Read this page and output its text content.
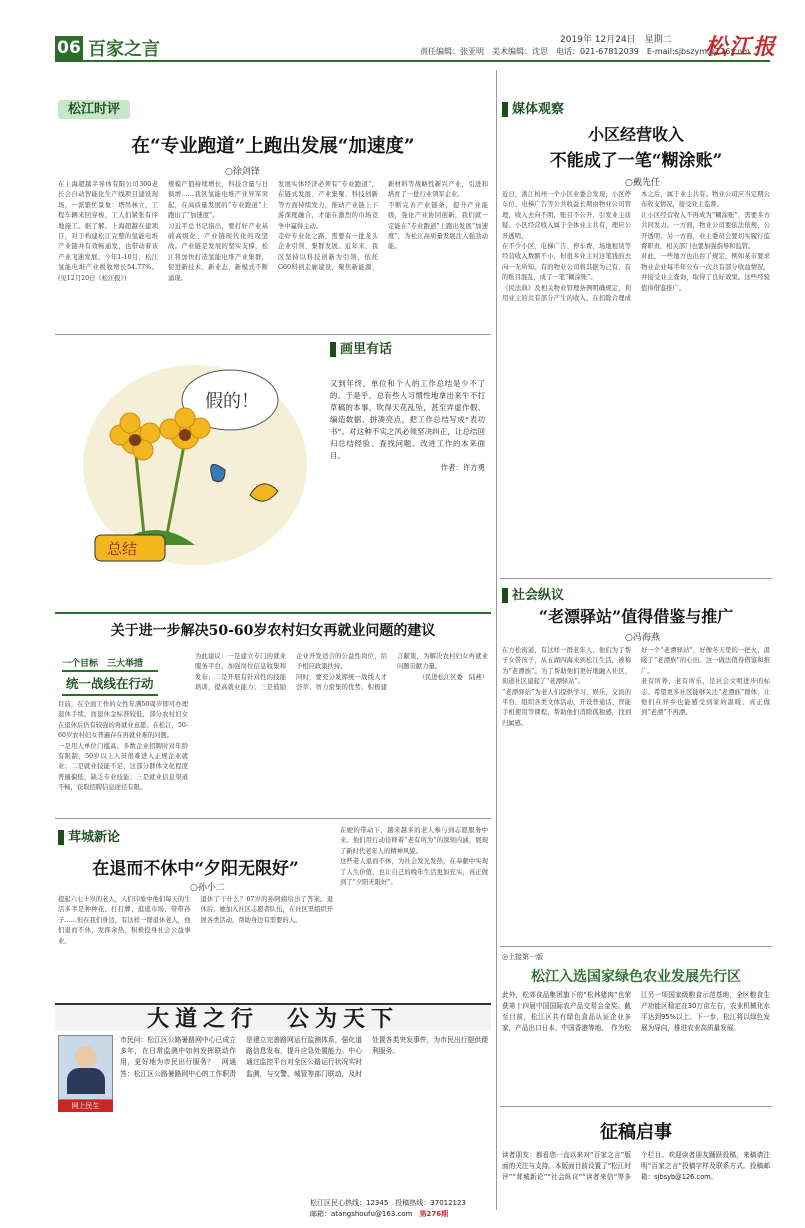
06 百家之言	2019年 12月24日　星期二
责任编辑：张亚明　美术编辑：沈思　电话：021-67812039　E-mail:sjbszym@126.com
松江报
松江时评
在“专业跑道”上跑出发展“加速度”
○徐剑锋

在上海超越半导体有限公司300老长会自动智能化生产线项目建设现场，一派繁忙景象：塔吊林立，工程车辆来回穿梭，工人们紧张有序地施工。据了解，上海超越在建项目，对于构建松江完整的氢能电堆产业链并有效畅通发，也带动着该产业飞速发展。今年1-10月，松江氢能电堆产业税收增长54.77%。(见12月20日《松江报》)

规模产值持续增长，科技含量与日俱增……我区氢能电堆产业异军突起，在高质量发展的“专业跑道”上跑出了“加速度”。

习近平总书记指出，要打好产业基础高级化、产业链现代化的攻坚战。产业链是发展的坚实支撑，松江将加快打造氢能电堆产业集群，促进新技术、新业态、新模式不断涌现。

发展实体经济必须有“专业跑道”，在链式发展、产业集聚、科技创新等方面持续发力，推动产业链上下游深度融合，才能在激烈的市场竞争中赢得主动。

走好专业化之路，需要有一批龙头企业引领、集群发展。近年来，我区坚持以科技创新为引领，依托G60科创走廊建设，聚焦新能源、新材料等战略性新兴产业，引进和培育了一批行业领军企业。

不断完善产业链条，提升产业能级，强化产业协同创新，我们就一定能在“专业跑道”上跑出发展“加速度”，为松江高质量发展注入强劲动能。

假的！
总结
画里有话

又到年终，单位和个人的工作总结是少不了的。于是乎，总有些人习惯性地拿出来牛不打草稿的本事，吹得天花乱坠，甚至弄虚作假、编造数据、拼凑亮点，把工作总结写成“表功书”。对这种不实之风必须坚决纠正，让总结回归总结经验、查找问题、改进工作的本来面目。

作者：许方勇

关于进一步解决50-60岁农村妇女再就业问题的建议
一个目标　三大举措
统一战线在行动

目前，在全面工作的女性年满50周岁即可办理退休手续，而退休金标准较低，部分农村妇女在退休后仍有较强的再就业意愿。在松江，50-60岁农村妇女普遍存在再就业难的问题。

一是用人单位门槛高。多数企业招聘时对年龄有限制，50岁以上人员很难进入正规企业就业；二是就业技能不足，这部分群体文化程度普遍偏低，缺乏专业技能；三是就业信息渠道不畅，获取招聘信息途径有限。

为此建议：一是建立专门的就业服务平台，加强岗位信息收集和发布；二是开展有针对性的技能培训，提高就业能力；三是鼓励企业开发适合的公益性岗位，给予相应政策扶持。

同时，要充分发挥统一战线人才荟萃、智力密集的优势，积极建言献策，为解决农村妇女再就业问题贡献力量。

（民进松江区委　陆燕）

茸城新论
在退而不休中“夕阳无限好”
○孙小二

提起六七十岁的老人，人们印象中他们每天的生活多半是种种花、打打牌、逛逛市场、带带孙子……但在我们身边，有这样一群退休老人，他们退而不休，发挥余热，积极投身社会公益事业。

退休了干什么？67岁的孙阿姨给出了答案。退休后，她加入社区志愿者队伍，在社区里组织开展各类活动，帮助身边有需要的人。

在她的带动下，越来越多的老人参与到志愿服务中来。他们用行动诠释着“老有所为”的深刻内涵，展现了新时代老年人的精神风貌。

这些老人退而不休，为社会发光发热，在奉献中实现了人生价值，也让自己的晚年生活更加充实，真正做到了“夕阳无限好”。

大道之行　公为天下
网上民生

市民问：松江区公路暑路网中心已成立多年，在日常监测中如何发挥联动作用，更好地为市民出行服务？　网通答：松江区公路暑路网中心的工作职责是建立完善路网运行监测体系，强化道路信息发布，提升应急处置能力。中心通过监控平台对全区公路运行状况实时监测，与交警、城管等部门联动，及时处置各类突发事件，为市民出行提供便利服务。

松江区民心热线：12345　 投稿热线：37012123
邮箱：atangshoufu@163.com　 第276期
媒体观察
小区经营收入
不能成了一笔“糊涂账”
○戴先任

近日，浙江杭州一个小区业委会发现，小区停车位、电梯广告等公共收益长期由物业公司管理，收入去向不明，账目不公开，引发业主质疑。小区经营收入属于全体业主共有，理应公开透明。

在不少小区，电梯广告、停车费、场地租赁等经营收入数额不小，但很多业主对这笔钱的去向一无所知。有的物业公司将其据为己有，有的账目混乱，成了一笔“糊涂账”。

《民法典》及相关物业管理条例明确规定，利用业主的共有部分产生的收入，在扣除合理成本之后，属于业主共有。物业公司应当定期公布收支情况，接受业主监督。

让小区经营收入不再成为“糊涂账”，需要多方共同发力。一方面，物业公司要依法依规、公开透明；另一方面，业主委员会要切实履行监督职责，相关部门也要加强指导和监管。

对此，一些地方也出台了规定，例如某市要求物业企业每半年公布一次共有部分收益情况，并接受业主查询，取得了良好效果。这些经验值得借鉴推广。

社会纵议
“老漂驿站”值得借鉴与推广
○冯海燕

在方松街道，有这样一群老年人，他们为了帮子女带孩子，从五湖四海来到松江生活，被称为“老漂族”。为了帮助他们更好地融入社区，街道社区建起了“老漂驿站”。

“老漂驿站”为老人们提供学习、娱乐、交流的平台，组织各类文体活动，开设普通话、智能手机使用等课程，帮助他们消除孤独感，找到归属感。

好一个“老漂驿站”，好像冬天里的一把火，温暖了“老漂族”的心田。这一做法值得借鉴和推广。

老有所养、老有所乐，是社会文明进步的标志。希望更多社区能够关注“老漂族”群体，让他们在异乡也能感受到家的温暖，真正做到“老漂”不再漂。

◎上接第一版
松江入选国家绿色农业发展先行区

此外，松郊食品集团旗下的“松林猪肉”也荣获第十四届中国国际农产品交易会金奖。截至目前，松江区共有绿色食品认证企业多家，产品出口日本、中国香港等地。　作为松江另一项国家级粮食示范基地，全区粮食生产功能区稳定在30万亩左右，农业机械化水平达到95%以上。下一步，松江将以绿色发展为导向，推进农业高质量发展。

征稿启事

读者朋友：都看您一直以来对“百家之言”版面的关注与支持。本版面目前设置了“松江时评”“茸城新论”“社会纵议”“读者来信”等多个栏目。欢迎读者朋友踊跃投稿，来稿请注明“百家之言”投稿字样及联系方式。投稿邮箱：sjbsyb@126.com。
